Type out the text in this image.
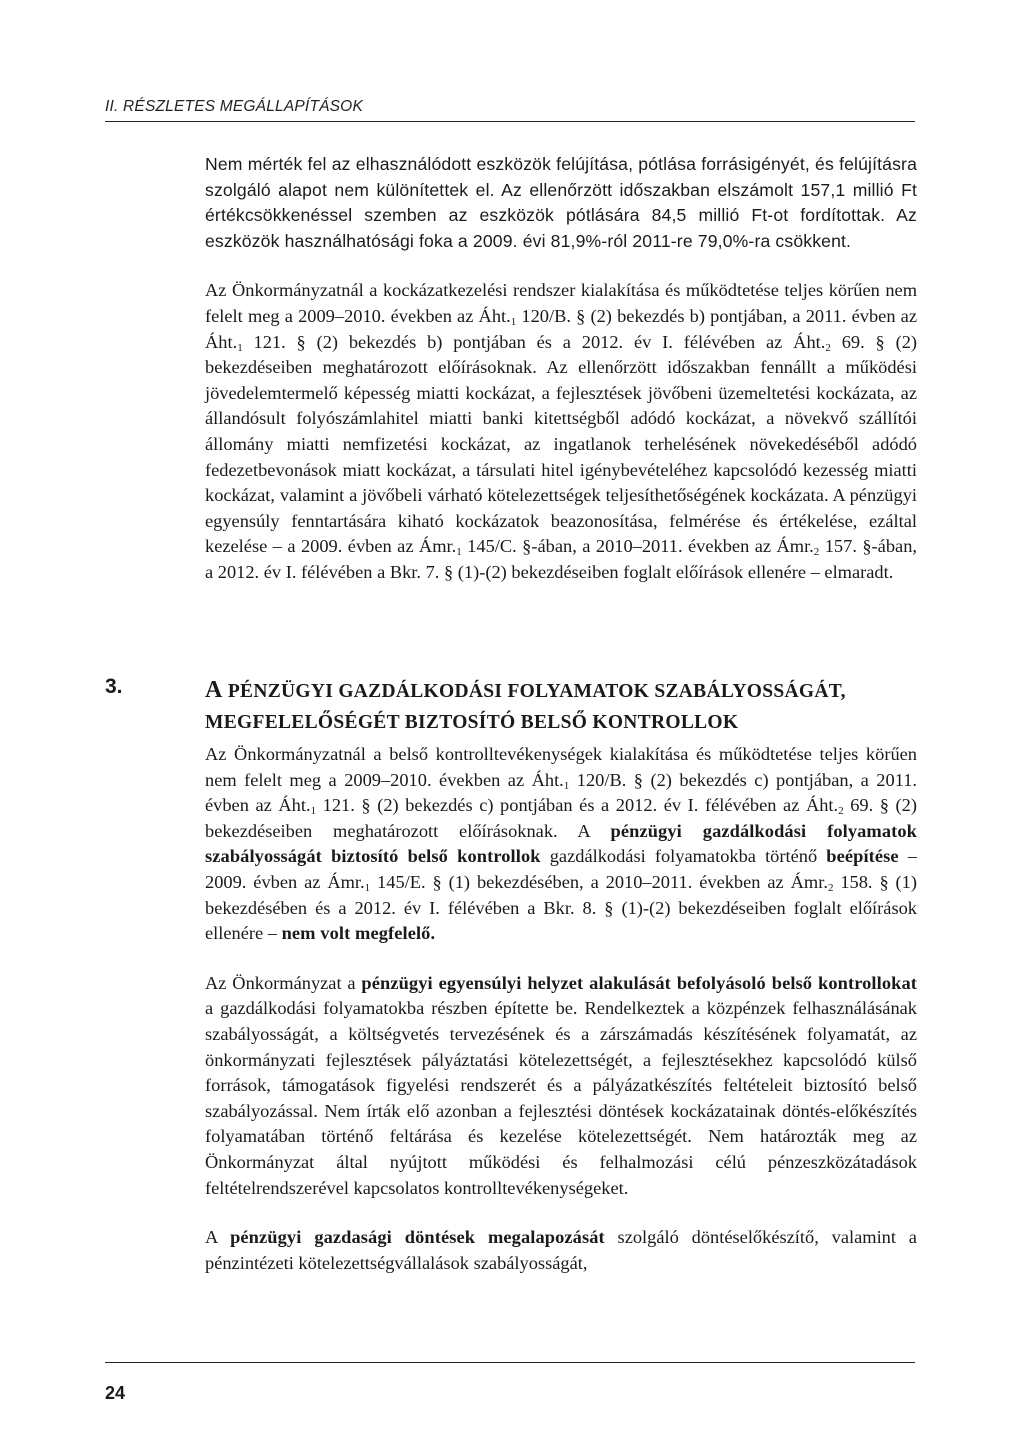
II. RÉSZLETES MEGÁLLAPÍTÁSOK

Nem mérték fel az elhasználódott eszközök felújítása, pótlása forrásigényét, és felújításra szolgáló alapot nem különítettek el. Az ellenőrzött időszakban elszámolt 157,1 millió Ft értékcsökkenéssel szemben az eszközök pótlására 84,5 millió Ft-ot fordítottak. Az eszközök használhatósági foka a 2009. évi 81,9%-ról 2011-re 79,0%-ra csökkent.

Az Önkormányzatnál a kockázatkezelési rendszer kialakítása és működtetése teljes körűen nem felelt meg a 2009–2010. években az $Áht._1$ 120/B. § (2) bekezdés b) pontjában, a 2011. évben az $Áht._1$ 121. § (2) bekezdés b) pontjában és a 2012. év I. félévében az $Áht._2$ 69. § (2) bekezdéseiben meghatározott előírásoknak. Az ellenőrzött időszakban fennállt a működési jövedelemtermelő képesség miatti kockázat, a fejlesztések jövőbeni üzemeltetési kockázata, az állandósult folyószámlahitel miatti banki kitettségből adódó kockázat, a növekvő szállítói állomány miatti nemfizetési kockázat, az ingatlanok terhelésének növekedéséből adódó fedezetbevonások miatt kockázat, a társulati hitel igénybevételéhez kapcsolódó kezesség miatti kockázat, valamint a jövőbeli várható kötelezettségek teljesíthetőségének kockázata. A pénzügyi egyensúly fenntartására kiható kockázatok beazonosítása, felmérése és értékelése, ezáltal kezelése – a 2009. évben az $Ámr._1$ 145/C. §-ában, a 2010–2011. években az $Ámr._2$ 157. §-ában, a 2012. év I. félévében a Bkr. 7. § (1)-(2) bekezdéseiben foglalt előírások ellenére – elmaradt.

3.	A PÉNZÜGYI GAZDÁLKODÁSI FOLYAMATOK SZABÁLYOSSÁGÁT, MEGFELELŐSÉGÉT BIZTOSÍTÓ BELSŐ KONTROLLOK

Az Önkormányzatnál a belső kontrolltevékenységek kialakítása és működtetése teljes körűen nem felelt meg a 2009–2010. években az $Áht._1$ 120/B. § (2) bekezdés c) pontjában, a 2011. évben az $Áht._1$ 121. § (2) bekezdés c) pontjában és a 2012. év I. félévében az $Áht._2$ 69. § (2) bekezdéseiben meghatározott előírásoknak. A pénzügyi gazdálkodási folyamatok szabályosságát biztosító belső kontrollok gazdálkodási folyamatokba történő beépítése – 2009. évben az $Ámr._1$ 145/E. § (1) bekezdésében, a 2010–2011. években az $Ámr._2$ 158. § (1) bekezdésében és a 2012. év I. félévében a Bkr. 8. § (1)-(2) bekezdéseiben foglalt előírások ellenére – nem volt megfelelő.

Az Önkormányzat a pénzügyi egyensúlyi helyzet alakulását befolyásoló belső kontrollokat a gazdálkodási folyamatokba részben építette be. Rendelkeztek a közpénzek felhasználásának szabályosságát, a költségvetés tervezésének és a zárszámadás készítésének folyamatát, az önkormányzati fejlesztések pályáztatási kötelezettségét, a fejlesztésekhez kapcsolódó külső források, támogatások figyelési rendszerét és a pályázatkészítés feltételeit biztosító belső szabályozással. Nem írták elő azonban a fejlesztési döntések kockázatainak döntés-előkészítés folyamatában történő feltárása és kezelése kötelezettségét. Nem határozták meg az Önkormányzat által nyújtott működési és felhalmozási célú pénzeszközátadások feltételrendszerével kapcsolatos kontrolltevékenységeket.

A pénzügyi gazdasági döntések megalapozását szolgáló döntéselőkészítő, valamint a pénzintézeti kötelezettségvállalások szabályosságát,

24
